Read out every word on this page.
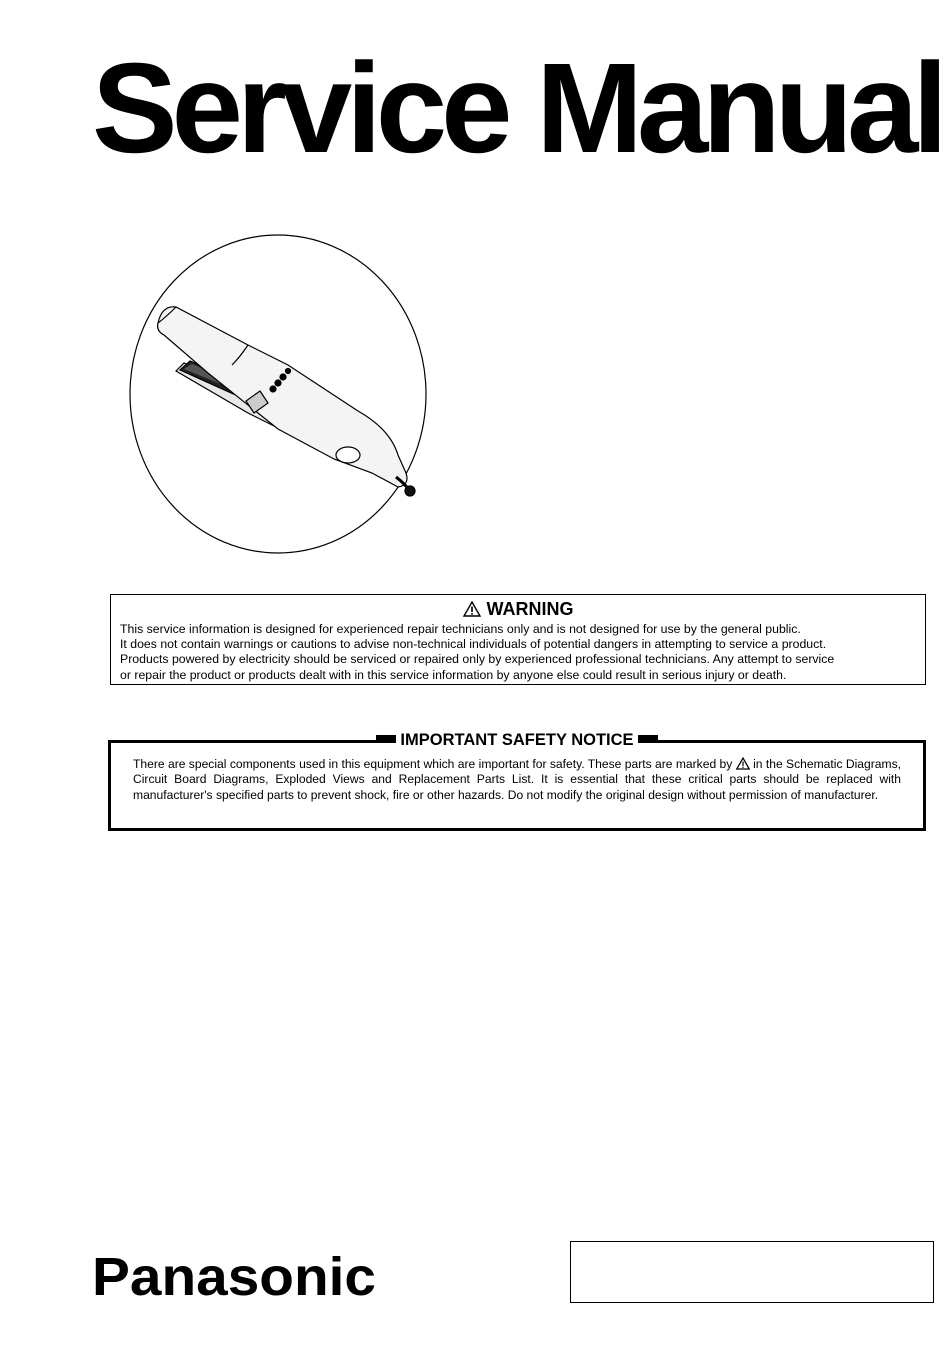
Service Manual
WARNING

This service information is designed for experienced repair technicians only and is not designed for use by the general public.

It does not contain warnings or cautions to advise non-technical individuals of potential dangers in attempting to service a product.

Products powered by electricity should be serviced or repaired only by experienced professional technicians. Any attempt to service

or repair the product or products dealt with in this service information by anyone else could result in serious injury or death.

IMPORTANT SAFETY NOTICE
There are special components used in this equipment which are important for safety. These parts are marked by in the Schematic Diagrams, Circuit Board Diagrams, Exploded Views and Replacement Parts List. It is essential that these critical parts should be replaced with manufacturer's specified parts to prevent shock, fire or other hazards. Do not modify the original design without permission of manufacturer.
Panasonic
